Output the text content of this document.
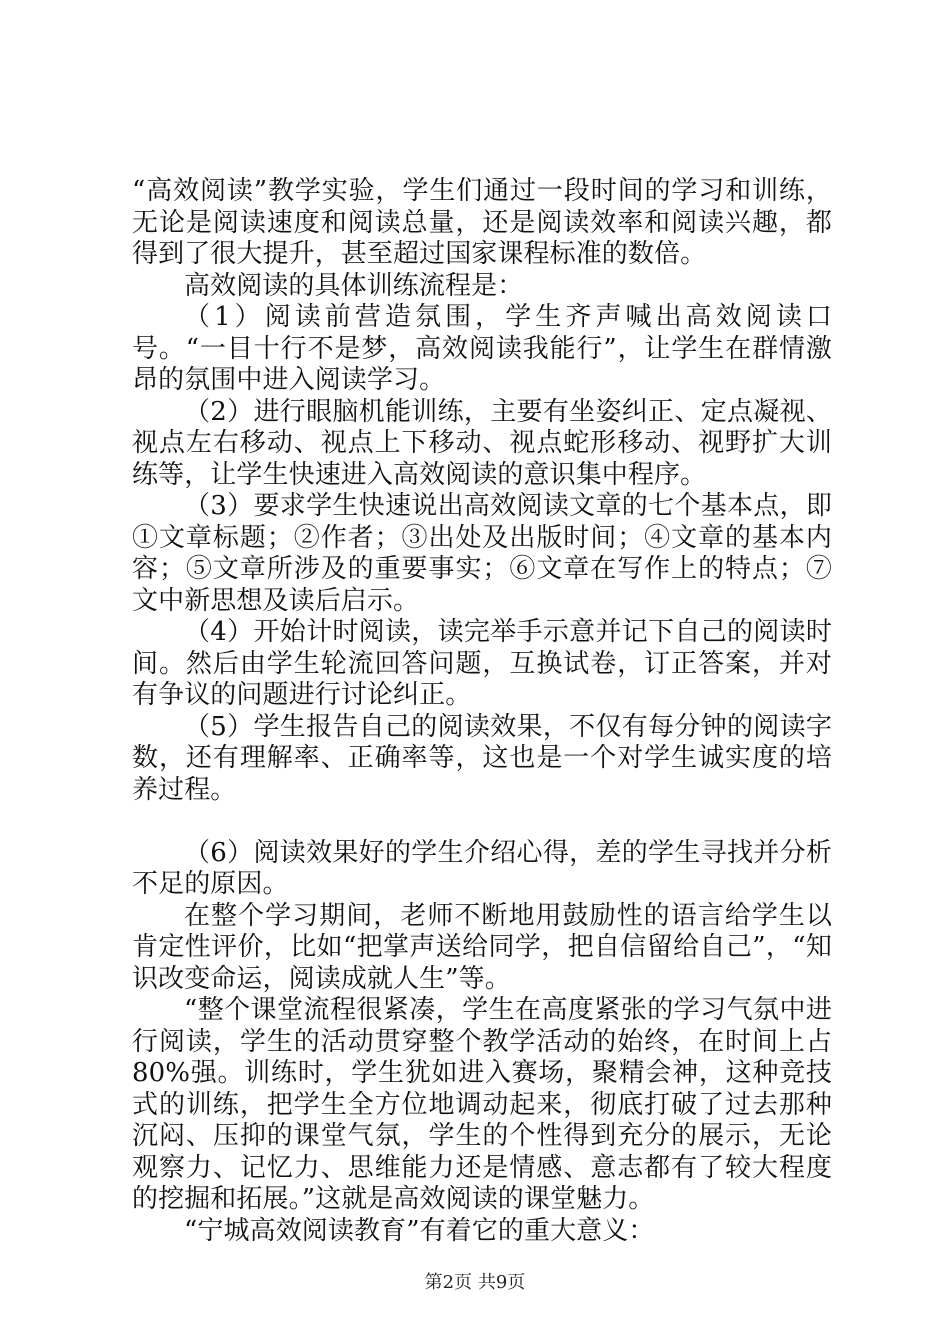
“高效阅读”教学实验，学生们通过一段时间的学习和训练，无论是阅读速度和阅读总量，还是阅读效率和阅读兴趣，都得到了很大提升，甚至超过国家课程标准的数倍。

高效阅读的具体训练流程是：

（1）阅读前营造氛围，学生齐声喊出高效阅读口号。“一目十行不是梦，高效阅读我能行”，让学生在群情激昂的氛围中进入阅读学习。

（2）进行眼脑机能训练，主要有坐姿纠正、定点凝视、视点左右移动、视点上下移动、视点蛇形移动、视野扩大训练等，让学生快速进入高效阅读的意识集中程序。

（3）要求学生快速说出高效阅读文章的七个基本点，即①文章标题；②作者；③出处及出版时间；④文章的基本内容；⑤文章所涉及的重要事实；⑥文章在写作上的特点；⑦文中新思想及读后启示。

（4）开始计时阅读，读完举手示意并记下自己的阅读时间。然后由学生轮流回答问题，互换试卷，订正答案，并对有争议的问题进行讨论纠正。

（5）学生报告自己的阅读效果，不仅有每分钟的阅读字数，还有理解率、正确率等，这也是一个对学生诚实度的培养过程。

（6）阅读效果好的学生介绍心得，差的学生寻找并分析不足的原因。

在整个学习期间，老师不断地用鼓励性的语言给学生以肯定性评价，比如“把掌声送给同学，把自信留给自己”，“知识改变命运，阅读成就人生”等。

“整个课堂流程很紧凑，学生在高度紧张的学习气氛中进行阅读，学生的活动贯穿整个教学活动的始终，在时间上占80%强。训练时，学生犹如进入赛场，聚精会神，这种竞技式的训练，把学生全方位地调动起来，彻底打破了过去那种沉闷、压抑的课堂气氛，学生的个性得到充分的展示，无论观察力、记忆力、思维能力还是情感、意志都有了较大程度的挖掘和拓展。”这就是高效阅读的课堂魅力。

“宁城高效阅读教育”有着它的重大意义：

第2页 共9页
